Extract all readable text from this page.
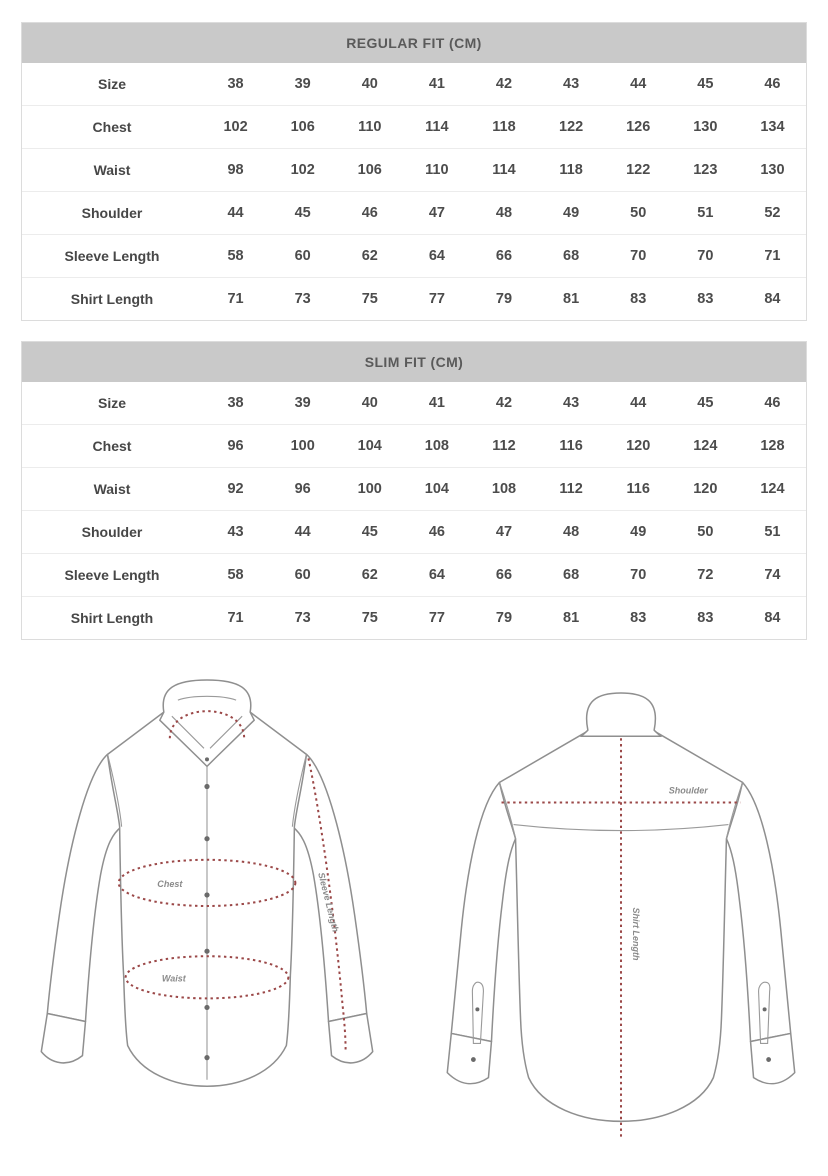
REGULAR FIT (CM)
Size	38	39	40	41	42	43	44	45	46
Chest	102	106	110	114	118	122	126	130	134
Waist	98	102	106	110	114	118	122	123	130
Shoulder	44	45	46	47	48	49	50	51	52
Sleeve Length	58	60	62	64	66	68	70	70	71
Shirt Length	71	73	75	77	79	81	83	83	84
SLIM FIT (CM)
Size	38	39	40	41	42	43	44	45	46
Chest	96	100	104	108	112	116	120	124	128
Waist	92	96	100	104	108	112	116	120	124
Shoulder	43	44	45	46	47	48	49	50	51
Sleeve Length	58	60	62	64	66	68	70	72	74
Shirt Length	71	73	75	77	79	81	83	83	84
Chest
Waist
Sleeve Length
Shoulder
Shirt Length
